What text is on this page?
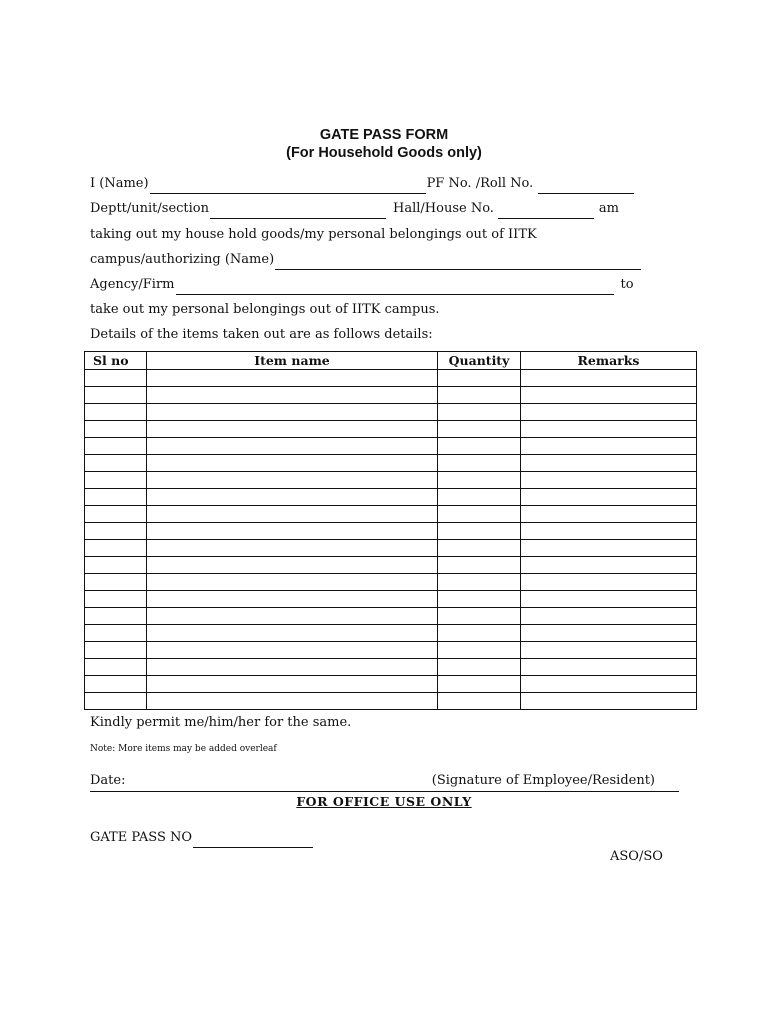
GATE PASS FORM
(For Household Goods only)
I (Name)	PF No. /Roll No.
Deptt/unit/section	Hall/House No.	am
taking out my house hold goods/my personal belongings out of IITK
campus/authorizing (Name)
Agency/Firm	to
take out my personal belongings out of IITK campus.
Details of the items taken out are as follows details:
Sl no	Item name	Quantity	Remarks

Kindly permit me/him/her for the same.
Note: More items may be added overleaf
Date:	(Signature of Employee/Resident)
FOR OFFICE USE ONLY
GATE PASS NO
ASO/SO
